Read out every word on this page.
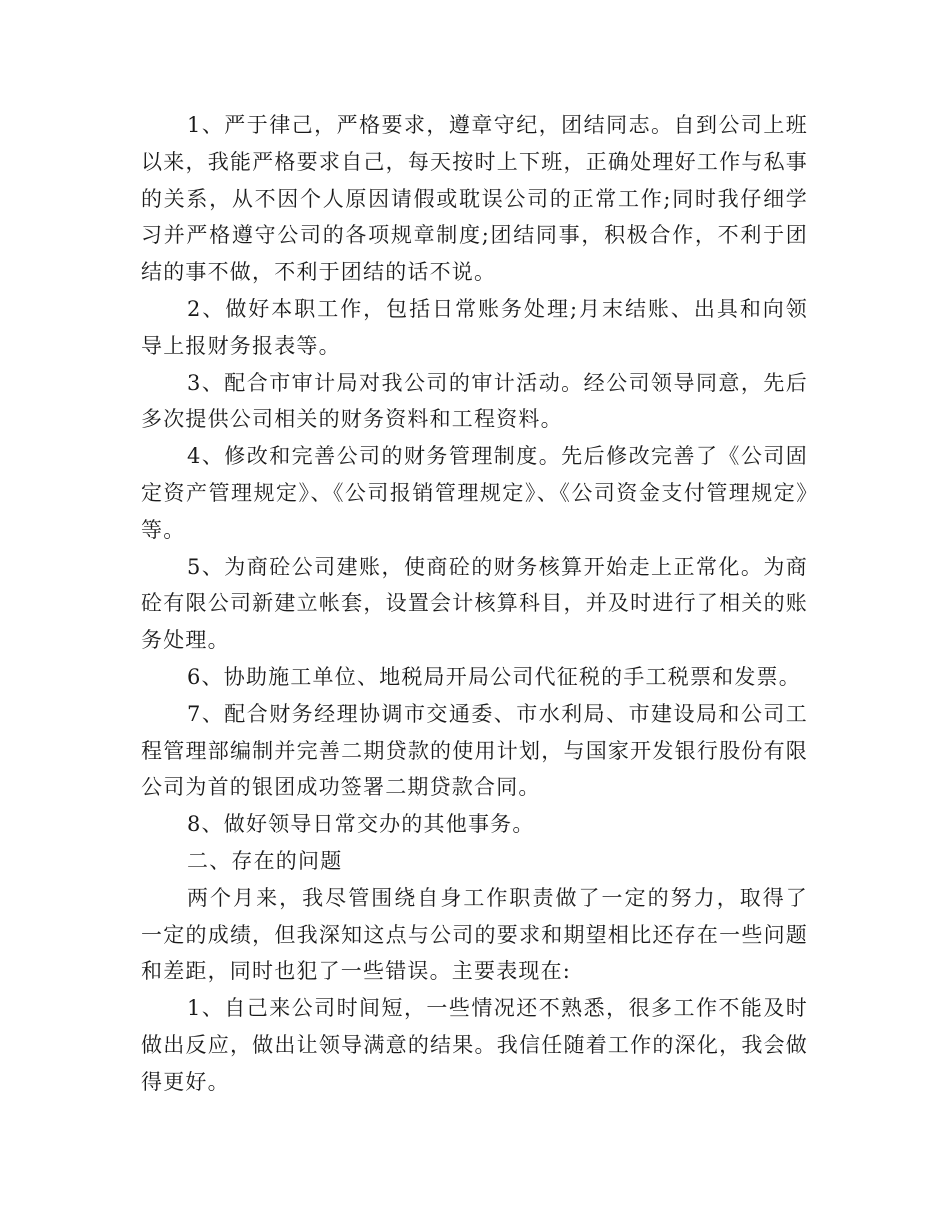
1、严于律己，严格要求，遵章守纪，团结同志。自到公司上班以来，我能严格要求自己，每天按时上下班，正确处理好工作与私事的关系，从不因个人原因请假或耽误公司的正常工作;同时我仔细学习并严格遵守公司的各项规章制度;团结同事，积极合作，不利于团结的事不做，不利于团结的话不说。

2、做好本职工作，包括日常账务处理;月末结账、出具和向领导上报财务报表等。

3、配合市审计局对我公司的审计活动。经公司领导同意，先后多次提供公司相关的财务资料和工程资料。

4、修改和完善公司的财务管理制度。先后修改完善了《公司固定资产管理规定》、《公司报销管理规定》、《公司资金支付管理规定》等。

5、为商砼公司建账，使商砼的财务核算开始走上正常化。为商砼有限公司新建立帐套，设置会计核算科目，并及时进行了相关的账务处理。

6、协助施工单位、地税局开局公司代征税的手工税票和发票。

7、配合财务经理协调市交通委、市水利局、市建设局和公司工程管理部编制并完善二期贷款的使用计划，与国家开发银行股份有限公司为首的银团成功签署二期贷款合同。

8、做好领导日常交办的其他事务。

二、存在的问题

两个月来，我尽管围绕自身工作职责做了一定的努力，取得了一定的成绩，但我深知这点与公司的要求和期望相比还存在一些问题和差距，同时也犯了一些错误。主要表现在:

1、自己来公司时间短，一些情况还不熟悉，很多工作不能及时做出反应，做出让领导满意的结果。我信任随着工作的深化，我会做得更好。
